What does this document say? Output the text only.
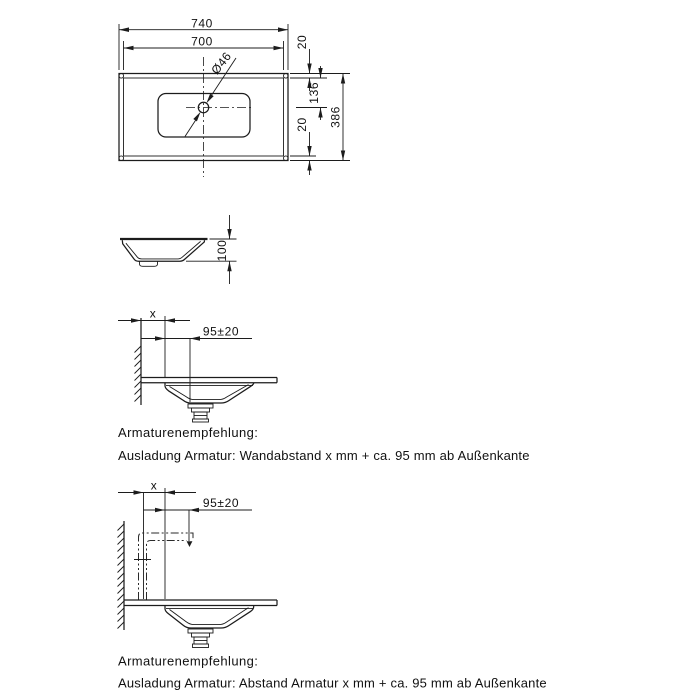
Ø46
740
700	20
136
20 386
100
x
95±20
Armaturenempfehlung:
Ausladung Armatur: Wandabstand x mm + ca. 95 mm ab Außenkante
x
95±20
Armaturenempfehlung:
Ausladung Armatur: Abstand Armatur x mm + ca. 95 mm ab Außenkante
